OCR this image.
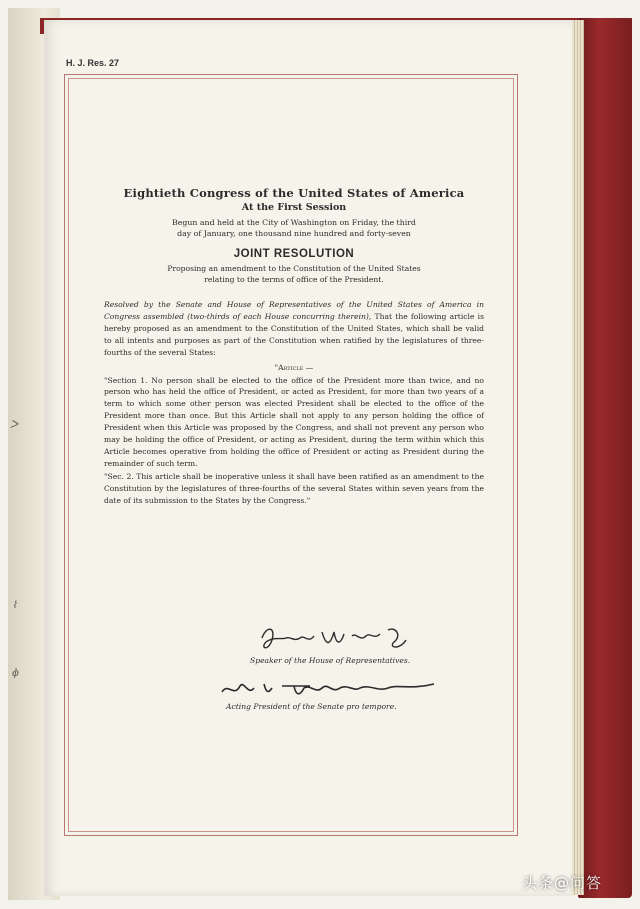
ᐳ
⌇
ɸ
H. J. Res. 27
Eightieth Congress of the United States of America
At the First Session
Begun and held at the City of Washington on Friday, the third
day of January, one thousand nine hundred and forty-seven
JOINT RESOLUTION
Proposing an amendment to the Constitution of the United States
relating to the terms of office of the President.
Resolved by the Senate and House of Representatives of the United States of America in Congress assembled (two-thirds of each House concurring therein), That the following article is hereby proposed as an amendment to the Constitution of the United States, which shall be valid to all intents and purposes as part of the Constitution when ratified by the legislatures of three-fourths of the several States:
"Article —
"Section 1. No person shall be elected to the office of the President more than twice, and no person who has held the office of President, or acted as President, for more than two years of a term to which some other person was elected President shall be elected to the office of the President more than once. But this Article shall not apply to any person holding the office of President when this Article was proposed by the Congress, and shall not prevent any person who may be holding the office of President, or acting as President, during the term within which this Article becomes operative from holding the office of President or acting as President during the remainder of such term.
"Sec. 2. This article shall be inoperative unless it shall have been ratified as an amendment to the Constitution by the legislatures of three-fourths of the several States within seven years from the date of its submission to the States by the Congress."
Speaker of the House of Representatives.
Acting President of the Senate pro tempore.
头条@问答
